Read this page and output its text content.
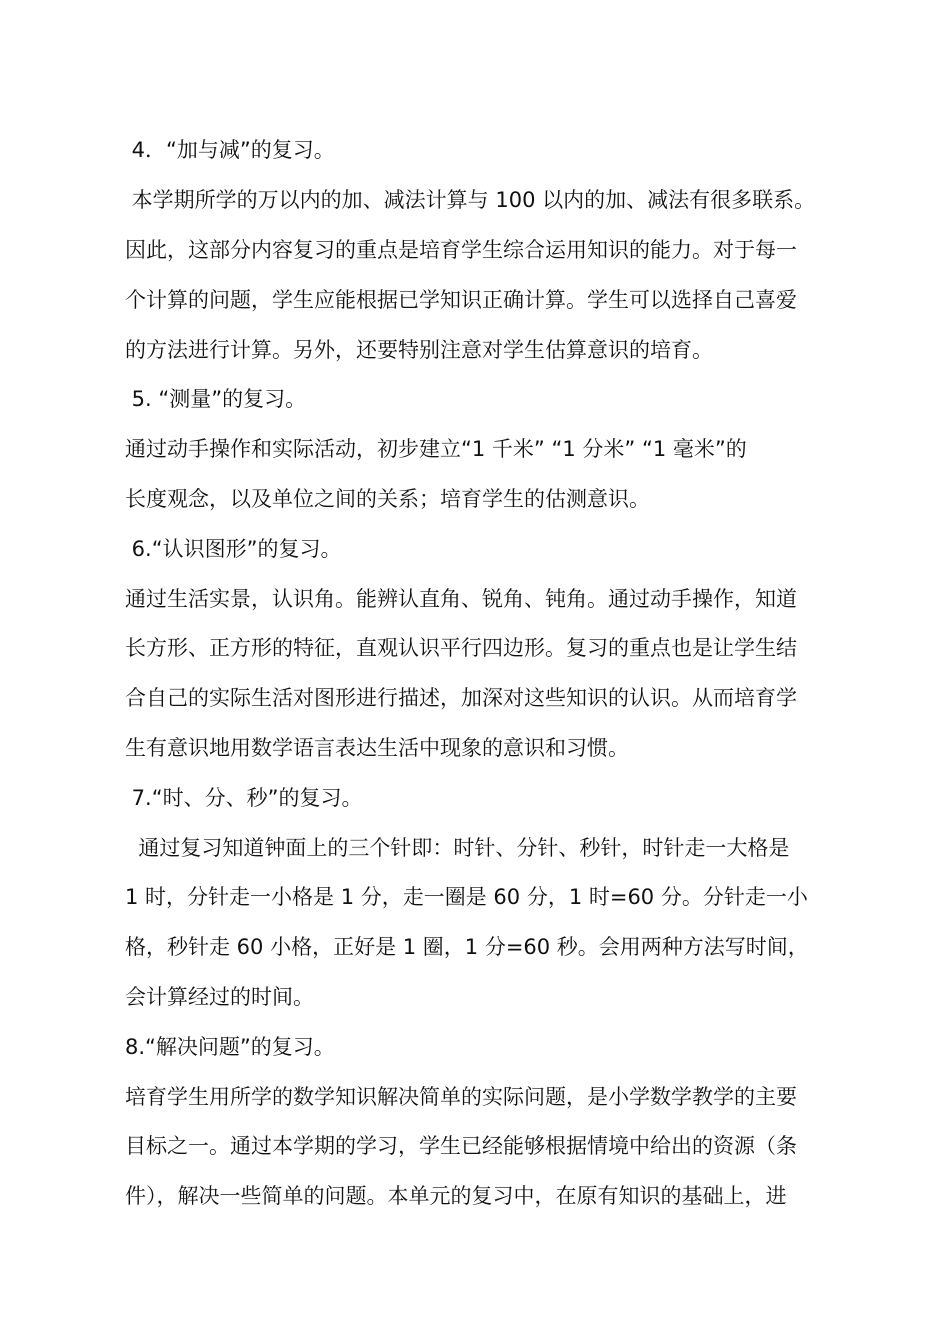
4．“加与减”的复习。
本学期所学的万以内的加、减法计算与 100 以内的加、减法有很多联系。
因此，这部分内容复习的重点是培育学生综合运用知识的能力。对于每一
个计算的问题，学生应能根据已学知识正确计算。学生可以选择自己喜爱
的方法进行计算。另外，还要特别注意对学生估算意识的培育。
5. “测量”的复习。
通过动手操作和实际活动，初步建立“1 千米” “1 分米” “1 毫米”的
长度观念，以及单位之间的关系；培育学生的估测意识。
6.“认识图形”的复习。
通过生活实景，认识角。能辨认直角、锐角、钝角。通过动手操作，知道
长方形、正方形的特征，直观认识平行四边形。复习的重点也是让学生结
合自己的实际生活对图形进行描述，加深对这些知识的认识。从而培育学
生有意识地用数学语言表达生活中现象的意识和习惯。
7.“时、分、秒”的复习。
通过复习知道钟面上的三个针即：时针、分针、秒针，时针走一大格是
1 时，分针走一小格是 1 分，走一圈是 60 分，1 时=60 分。分针走一小
格，秒针走 60 小格，正好是 1 圈，1 分=60 秒。会用两种方法写时间，
会计算经过的时间。
8.“解决问题”的复习。
培育学生用所学的数学知识解决简单的实际问题，是小学数学教学的主要
目标之一。通过本学期的学习，学生已经能够根据情境中给出的资源（条
件），解决一些简单的问题。本单元的复习中，在原有知识的基础上，进
